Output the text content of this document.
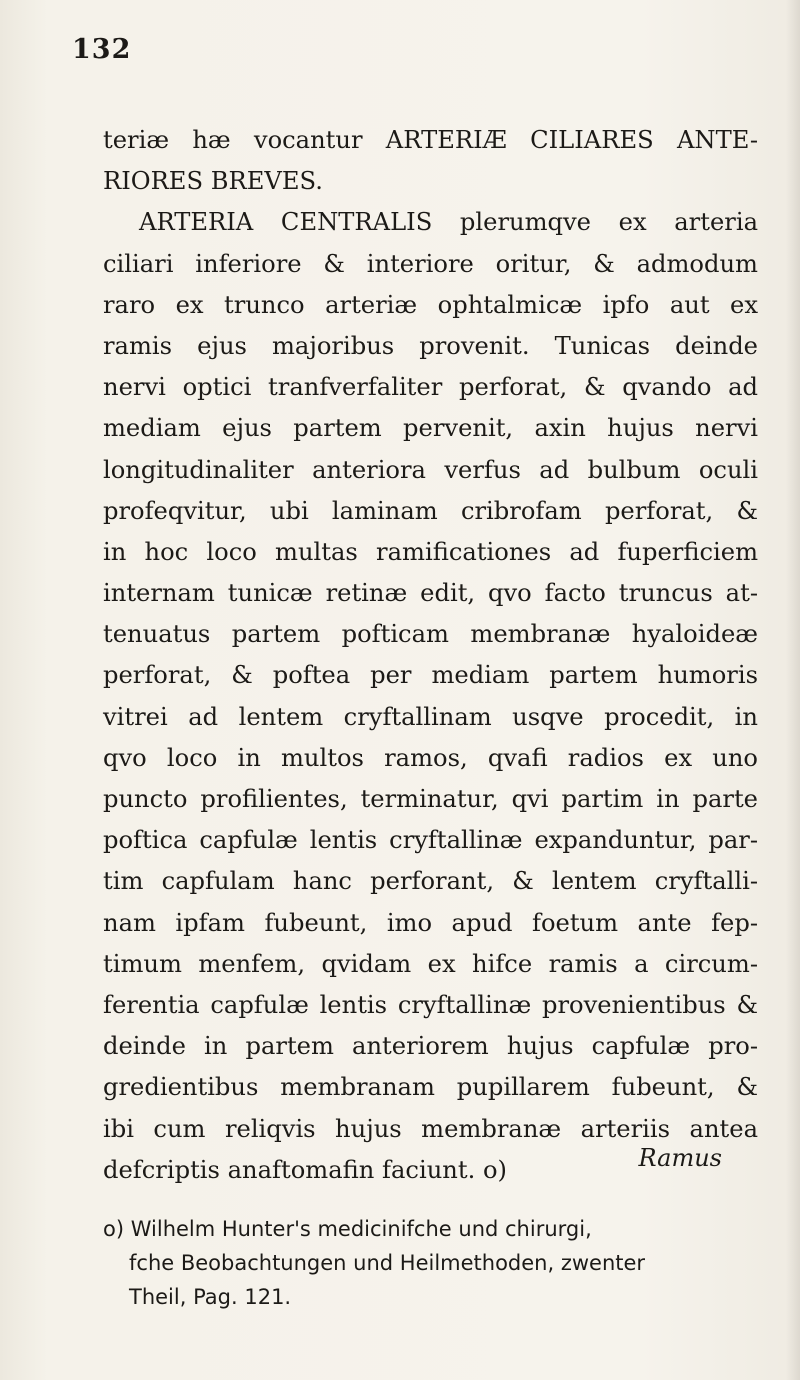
132
teriæ hæ vocantur ARTERIÆ CILIARES ANTE-
RIORES BREVES.
ARTERIA CENTRALIS plerumqve ex arteria
ciliari inferiore & interiore oritur, & admodum
raro ex trunco arteriæ ophtalmicæ ipfo aut ex
ramis ejus majoribus provenit. Tunicas deinde
nervi optici tranfverfaliter perforat, & qvando ad
mediam ejus partem pervenit, axin hujus nervi
longitudinaliter anteriora verfus ad bulbum oculi
profeqvitur, ubi laminam cribrofam perforat, &
in hoc loco multas ramificationes ad fuperficiem
internam tunicæ retinæ edit, qvo facto truncus at-
tenuatus partem pofticam membranæ hyaloideæ
perforat, & poftea per mediam partem humoris
vitrei ad lentem cryftallinam usqve procedit, in
qvo loco in multos ramos, qvafi radios ex uno
puncto profilientes, terminatur, qvi partim in parte
poftica capfulæ lentis cryftallinæ expanduntur, par-
tim capfulam hanc perforant, & lentem cryftalli-
nam ipfam fubeunt, imo apud foetum ante fep-
timum menfem, qvidam ex hifce ramis a circum-
ferentia capfulæ lentis cryftallinæ provenientibus &
deinde in partem anteriorem hujus capfulæ pro-
gredientibus membranam pupillarem fubeunt, &
ibi cum reliqvis hujus membranæ arteriis antea
defcriptis anaftomafin faciunt. o)	Ramus
o) Wilhelm Hunter's medicinifche und chirurgi,
fche Beobachtungen und Heilmethoden, zwenter
Theil, Pag. 121.
